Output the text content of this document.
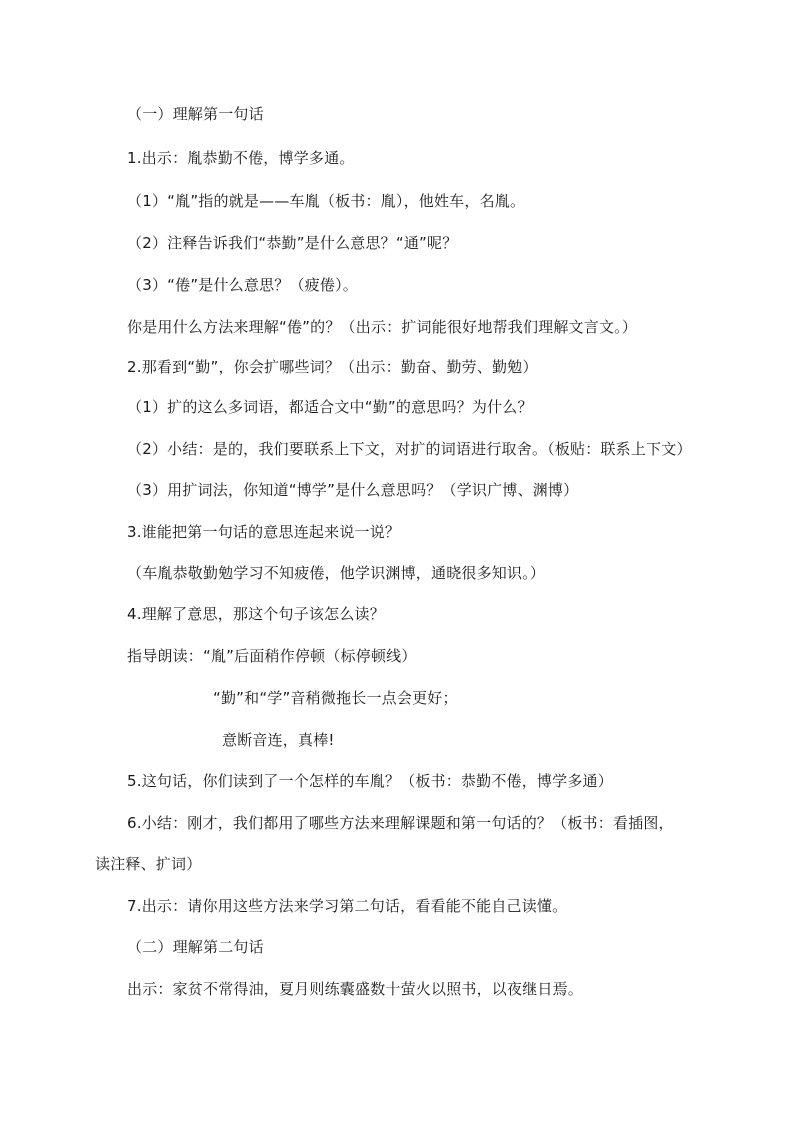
（一）理解第一句话
1.出示：胤恭勤不倦，博学多通。
（1）“胤”指的就是——车胤（板书：胤），他姓车，名胤。
（2）注释告诉我们“恭勤”是什么意思？“通”呢？
（3）“倦”是什么意思？（疲倦）。
你是用什么方法来理解“倦”的？（出示：扩词能很好地帮我们理解文言文。）
2.那看到“勤”，你会扩哪些词？（出示：勤奋、勤劳、勤勉）
（1）扩的这么多词语，都适合文中“勤”的意思吗？为什么？
（2）小结：是的，我们要联系上下文，对扩的词语进行取舍。（板贴：联系上下文）
（3）用扩词法，你知道“博学”是什么意思吗？（学识广博、渊博）
3.谁能把第一句话的意思连起来说一说？
（车胤恭敬勤勉学习不知疲倦，他学识渊博，通晓很多知识。）
4.理解了意思，那这个句子该怎么读？
指导朗读：“胤”后面稍作停顿（标停顿线）
“勤”和“学”音稍微拖长一点会更好；
意断音连，真棒!
5.这句话，你们读到了一个怎样的车胤？（板书：恭勤不倦，博学多通）
6.小结：刚才，我们都用了哪些方法来理解课题和第一句话的？（板书：看插图，
读注释、扩词）
7.出示：请你用这些方法来学习第二句话，看看能不能自己读懂。
（二）理解第二句话
出示：家贫不常得油，夏月则练囊盛数十萤火以照书，以夜继日焉。
